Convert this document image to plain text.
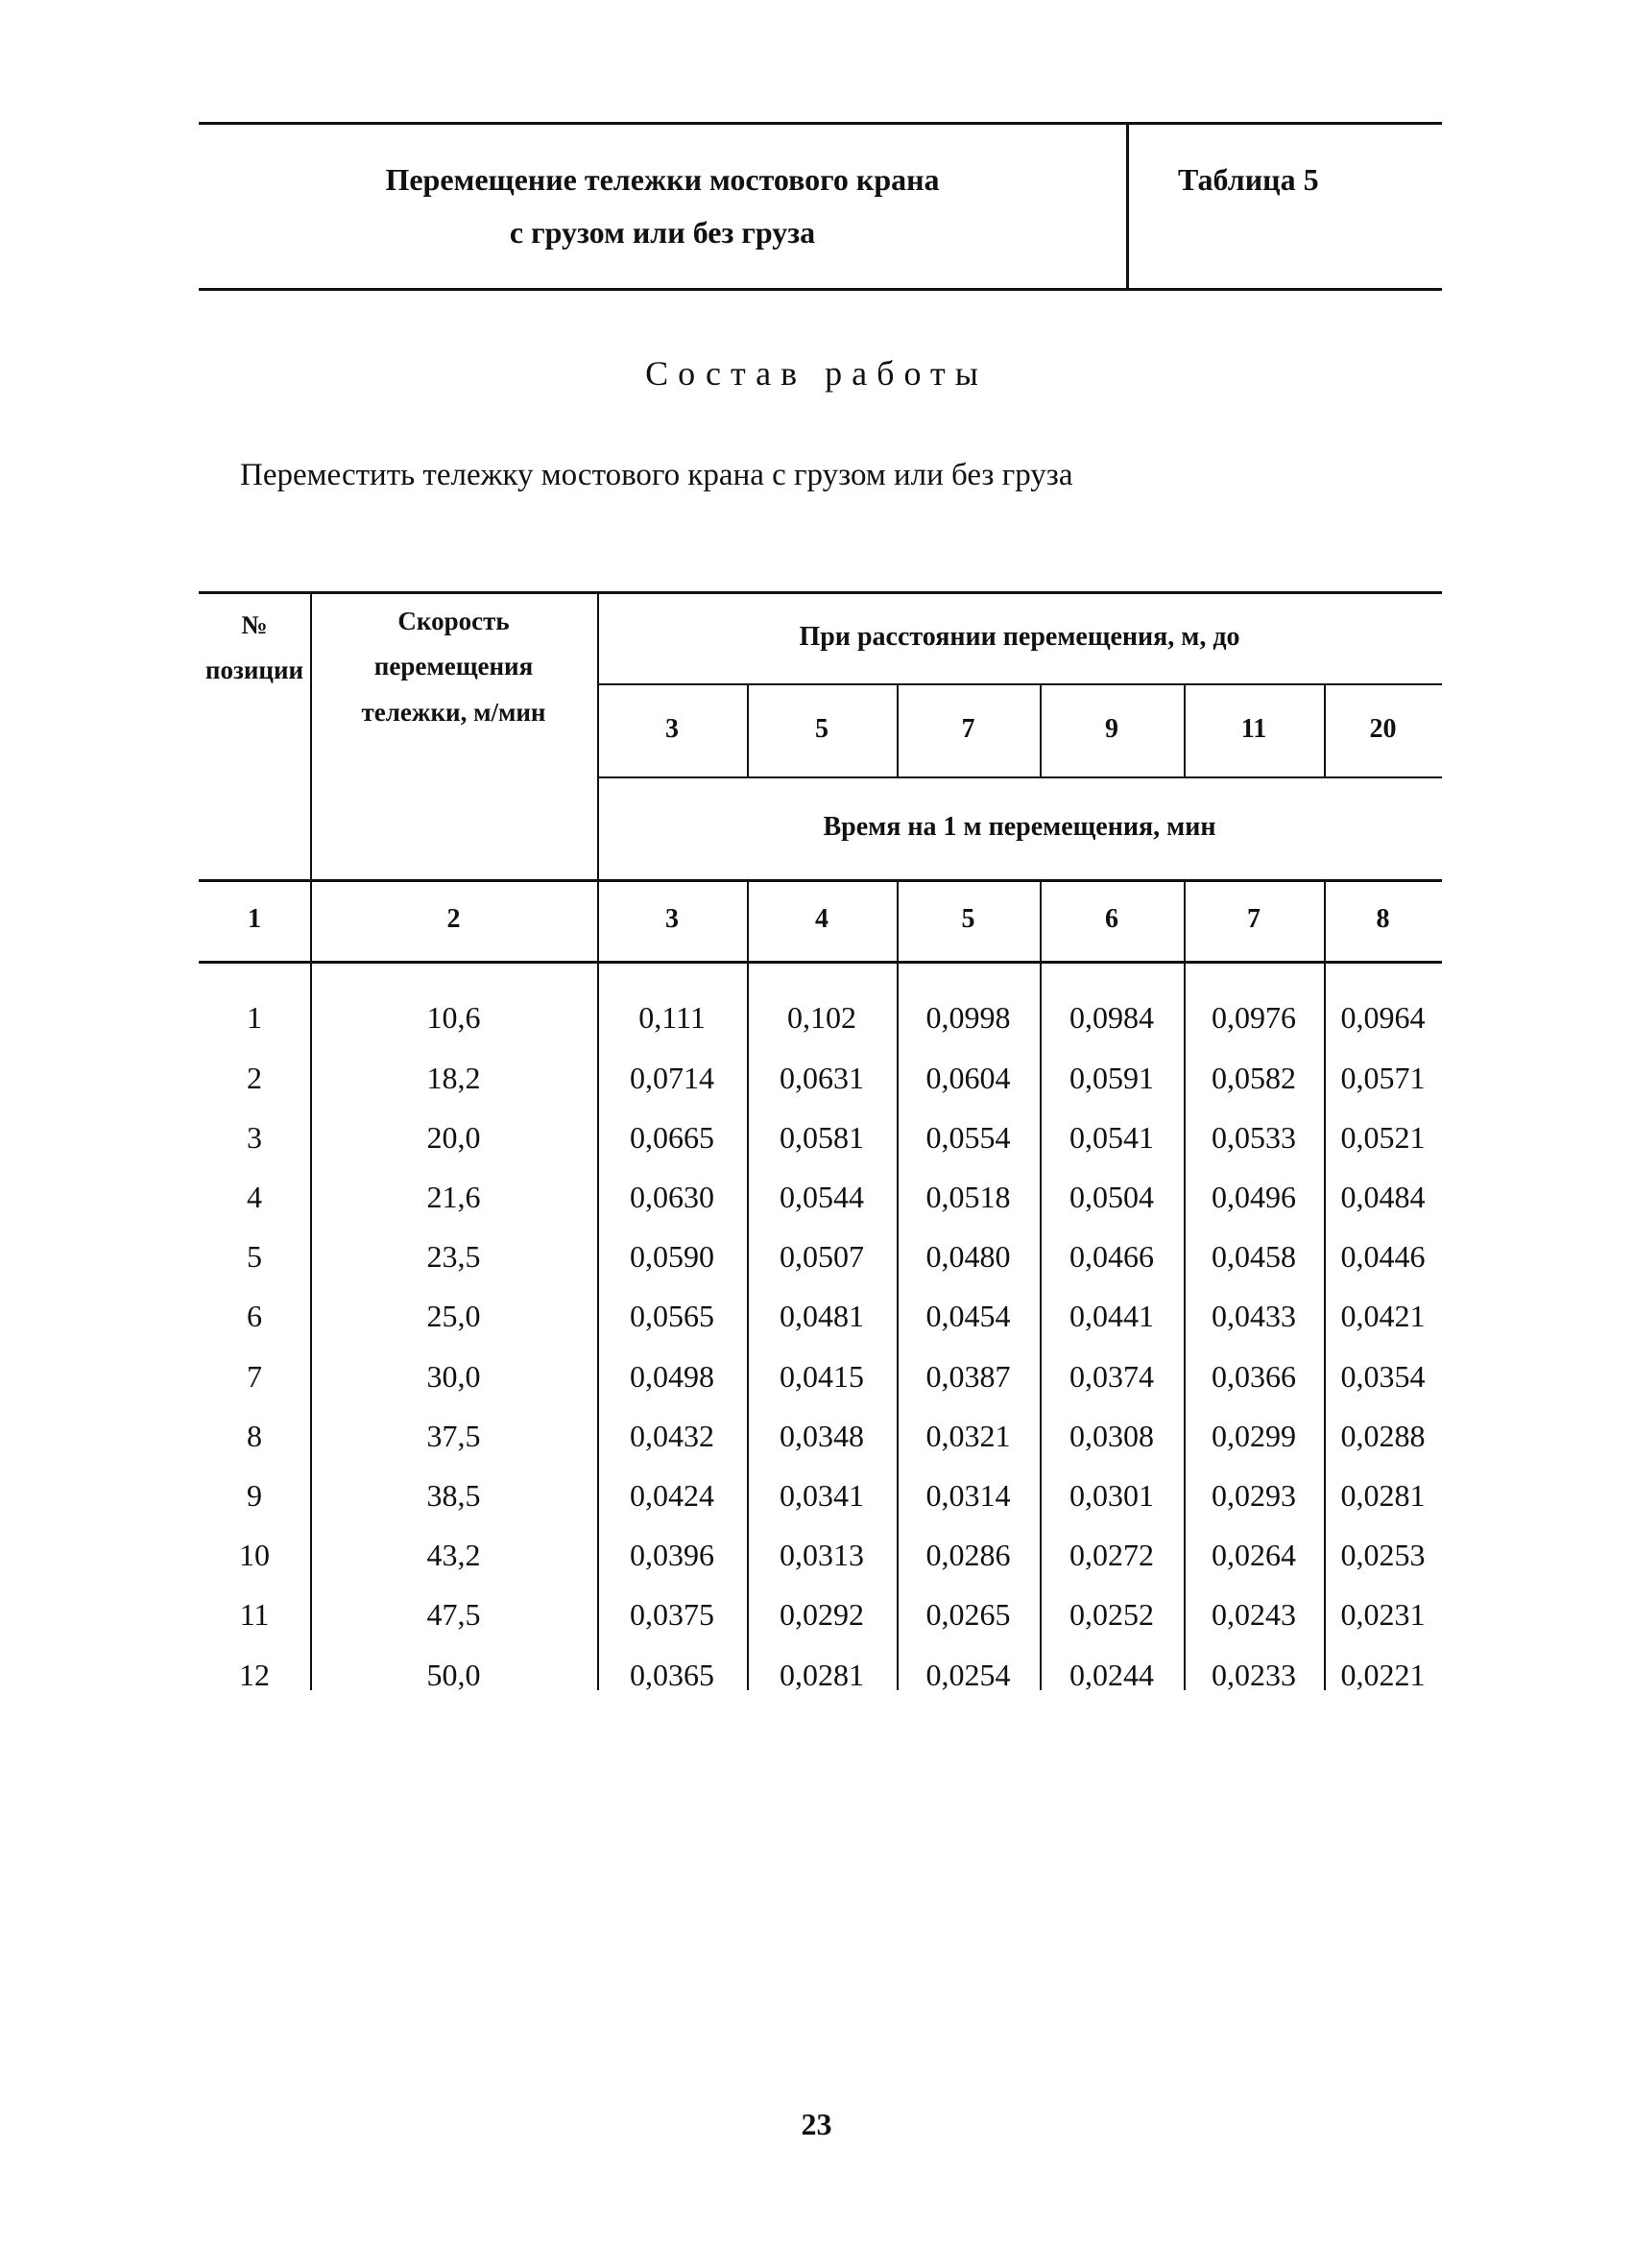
Перемещение тележки мостового крана
с грузом или без груза
Таблица 5
Состав работы
Переместить тележку мостового крана с грузом или без груза
№ позиции
Скорость перемещения тележки, м/мин
При расстоянии перемещения, м, до
3	5	7	9	11	20
Время на 1 м перемещения, мин
1	2	3	4	5	6	7	8
1	10,6	0,111	0,102	0,0998	0,0984	0,0976	0,0964
2	18,2	0,0714	0,0631	0,0604	0,0591	0,0582	0,0571
3	20,0	0,0665	0,0581	0,0554	0,0541	0,0533	0,0521
4	21,6	0,0630	0,0544	0,0518	0,0504	0,0496	0,0484
5	23,5	0,0590	0,0507	0,0480	0,0466	0,0458	0,0446
6	25,0	0,0565	0,0481	0,0454	0,0441	0,0433	0,0421
7	30,0	0,0498	0,0415	0,0387	0,0374	0,0366	0,0354
8	37,5	0,0432	0,0348	0,0321	0,0308	0,0299	0,0288
9	38,5	0,0424	0,0341	0,0314	0,0301	0,0293	0,0281
10	43,2	0,0396	0,0313	0,0286	0,0272	0,0264	0,0253
11	47,5	0,0375	0,0292	0,0265	0,0252	0,0243	0,0231
12	50,0	0,0365	0,0281	0,0254	0,0244	0,0233	0,0221
23
